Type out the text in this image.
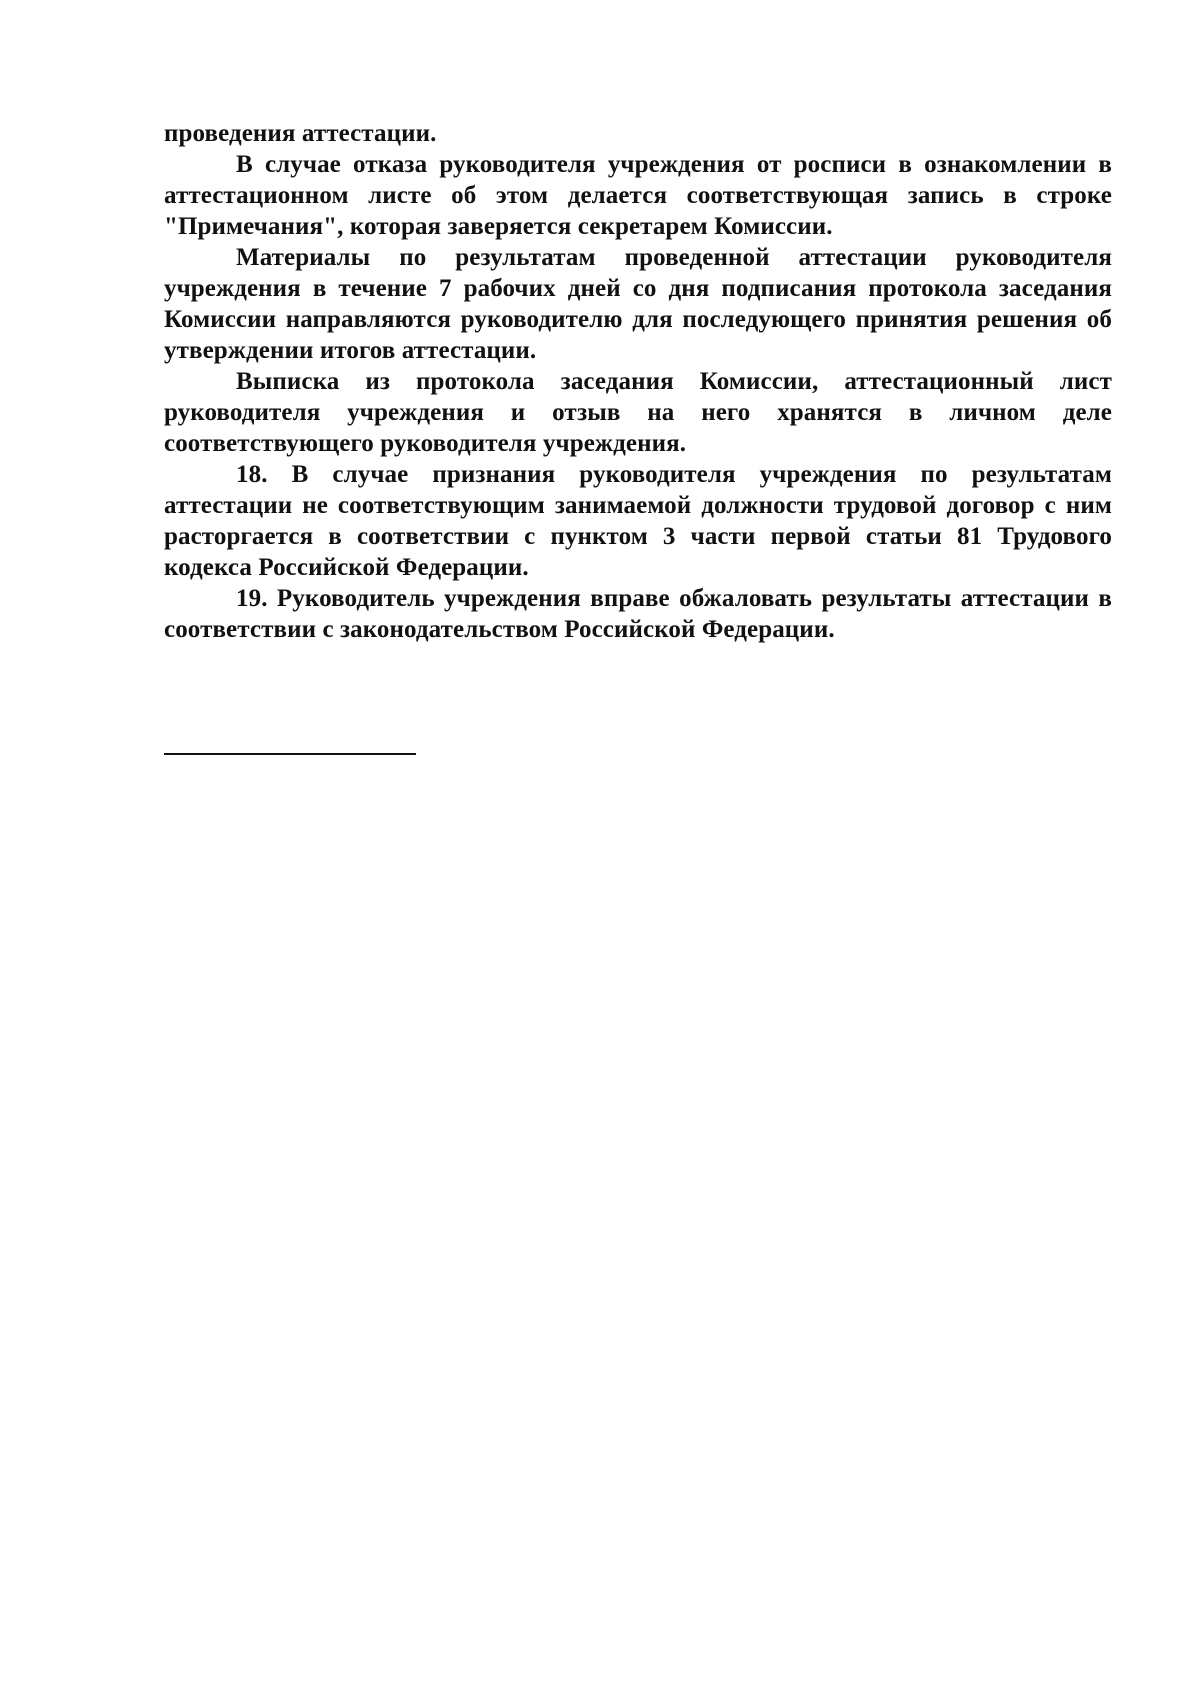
проведения аттестации.

В случае отказа руководителя учреждения от росписи в ознакомлении в аттестационном листе об этом делается соответствующая запись в строке "Примечания", которая заверяется секретарем Комиссии.

Материалы по результатам проведенной аттестации руководителя учреждения в течение 7 рабочих дней со дня подписания протокола заседания Комиссии направляются руководителю для последующего принятия решения об утверждении итогов аттестации.

Выписка из протокола заседания Комиссии, аттестационный лист руководителя учреждения и отзыв на него хранятся в личном деле соответствующего руководителя учреждения.

18. В случае признания руководителя учреждения по результатам аттестации не соответствующим занимаемой должности трудовой договор с ним расторгается в соответствии с пунктом 3 части первой статьи 81 Трудового кодекса Российской Федерации.

19. Руководитель учреждения вправе обжаловать результаты аттестации в соответствии с законодательством Российской Федерации.
